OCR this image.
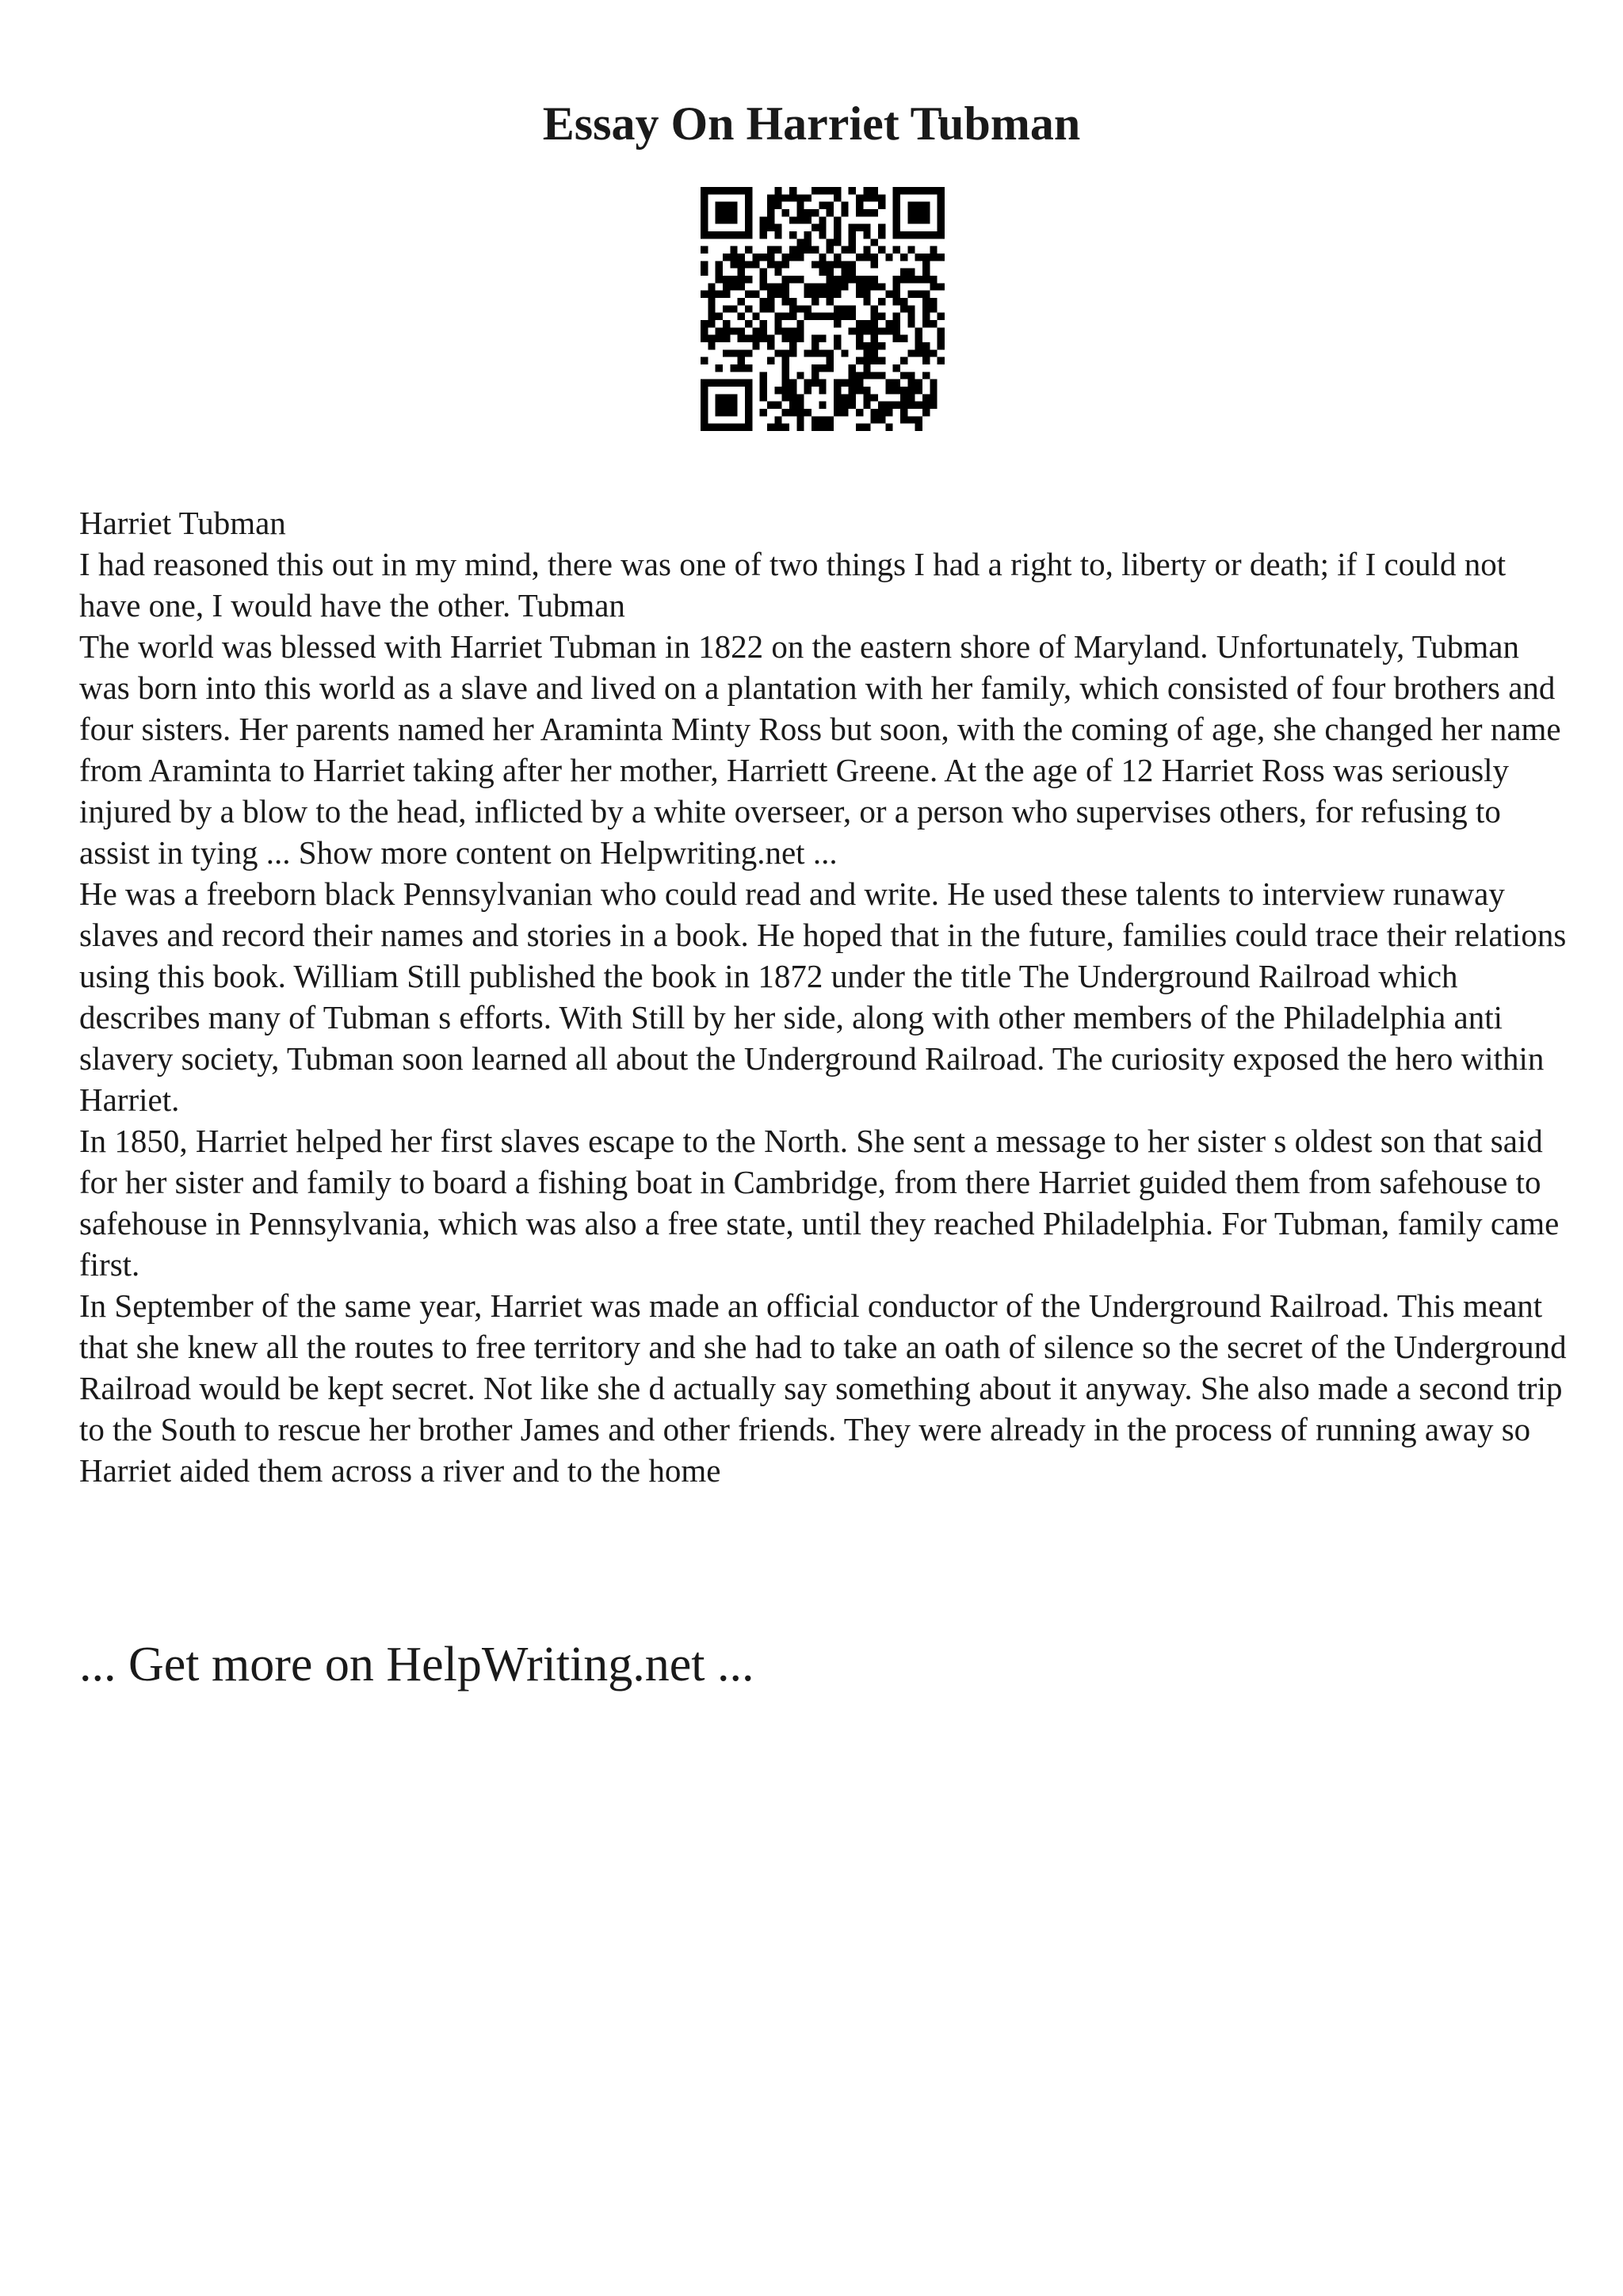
Essay On Harriet Tubman

Harriet Tubman

I had reasoned this out in my mind, there was one of two things I had a right to, liberty or death; if I could not have one, I would have the other. Tubman

The world was blessed with Harriet Tubman in 1822 on the eastern shore of Maryland. Unfortunately, Tubman was born into this world as a slave and lived on a plantation with her family, which consisted of four brothers and four sisters. Her parents named her Araminta Minty Ross but soon, with the coming of age, she changed her name from Araminta to Harriet taking after her mother, Harriett Greene. At the age of 12 Harriet Ross was seriously injured by a blow to the head, inflicted by a white overseer, or a person who supervises others, for refusing to assist in tying ... Show more content on Helpwriting.net ...

He was a freeborn black Pennsylvanian who could read and write. He used these talents to interview runaway slaves and record their names and stories in a book. He hoped that in the future, families could trace their relations using this book. William Still published the book in 1872 under the title The Underground Railroad which describes many of Tubman s efforts. With Still by her side, along with other members of the Philadelphia anti slavery society, Tubman soon learned all about the Underground Railroad. The curiosity exposed the hero within Harriet.

In 1850, Harriet helped her first slaves escape to the North. She sent a message to her sister s oldest son that said for her sister and family to board a fishing boat in Cambridge, from there Harriet guided them from safehouse to safehouse in Pennsylvania, which was also a free state, until they reached Philadelphia. For Tubman, family came first.

In September of the same year, Harriet was made an official conductor of the Underground Railroad. This meant that she knew all the routes to free territory and she had to take an oath of silence so the secret of the Underground Railroad would be kept secret. Not like she d actually say something about it anyway. She also made a second trip to the South to rescue her brother James and other friends. They were already in the process of running away so Harriet aided them across a river and to the home

... Get more on HelpWriting.net ...
